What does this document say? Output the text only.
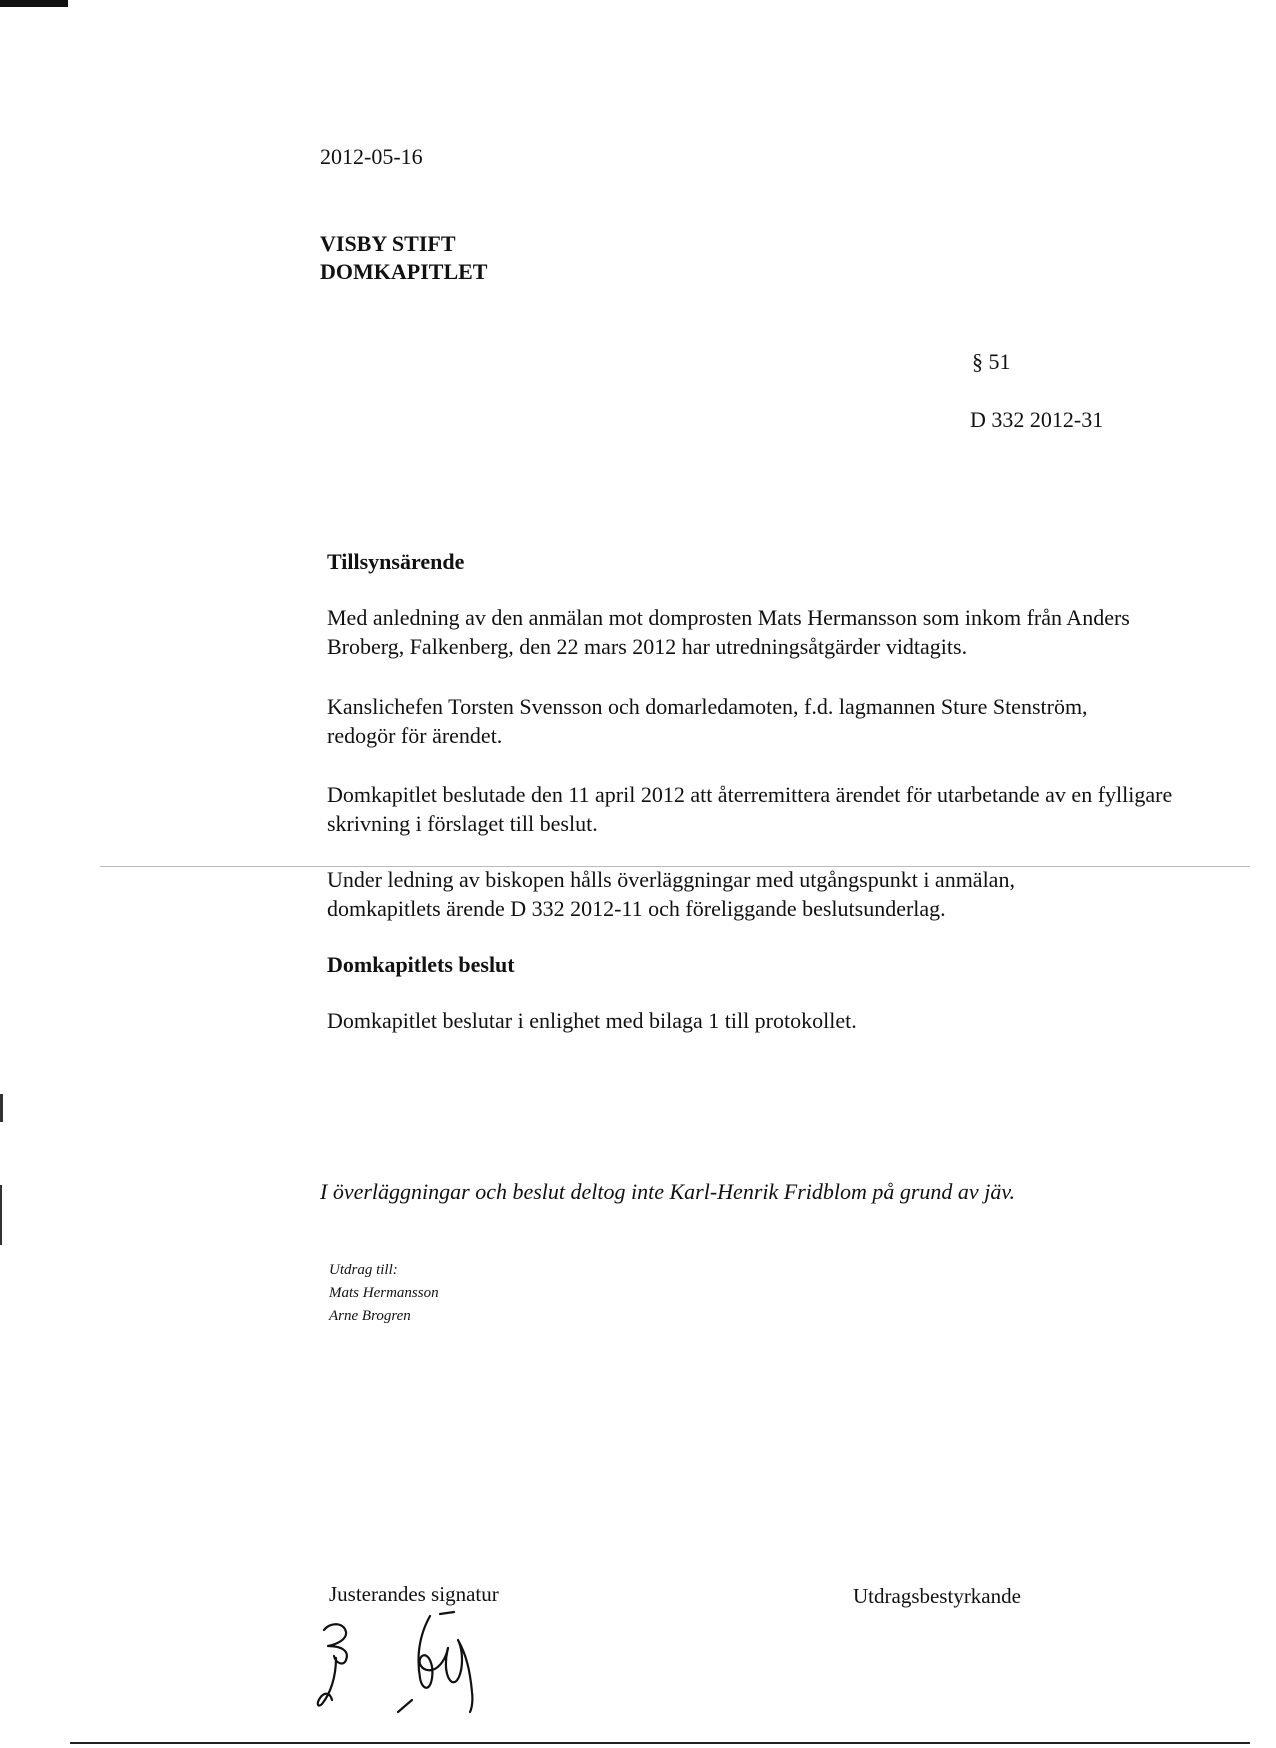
2012-05-16

VISBY STIFT

DOMKAPITLET

§ 51

D 332 2012-31

Tillsynsärende

Med anledning av den anmälan mot domprosten Mats Hermansson som inkom från Anders Broberg, Falkenberg, den 22 mars 2012 har utredningsåtgärder vidtagits.

Kanslichefen Torsten Svensson och domarledamoten, f.d. lagmannen Sture Stenström, redogör för ärendet.

Domkapitlet beslutade den 11 april 2012 att återremittera ärendet för utarbetande av en fylligare skrivning i förslaget till beslut.

Under ledning av biskopen hålls överläggningar med utgångspunkt i anmälan, domkapitlets ärende D 332 2012-11 och föreliggande beslutsunderlag.

Domkapitlets beslut

Domkapitlet beslutar i enlighet med bilaga 1 till protokollet.

I överläggningar och beslut deltog inte Karl-Henrik Fridblom på grund av jäv.

Utdrag till:

Mats Hermansson

Arne Brogren

Justerandes signatur	Utdragsbestyrkande
